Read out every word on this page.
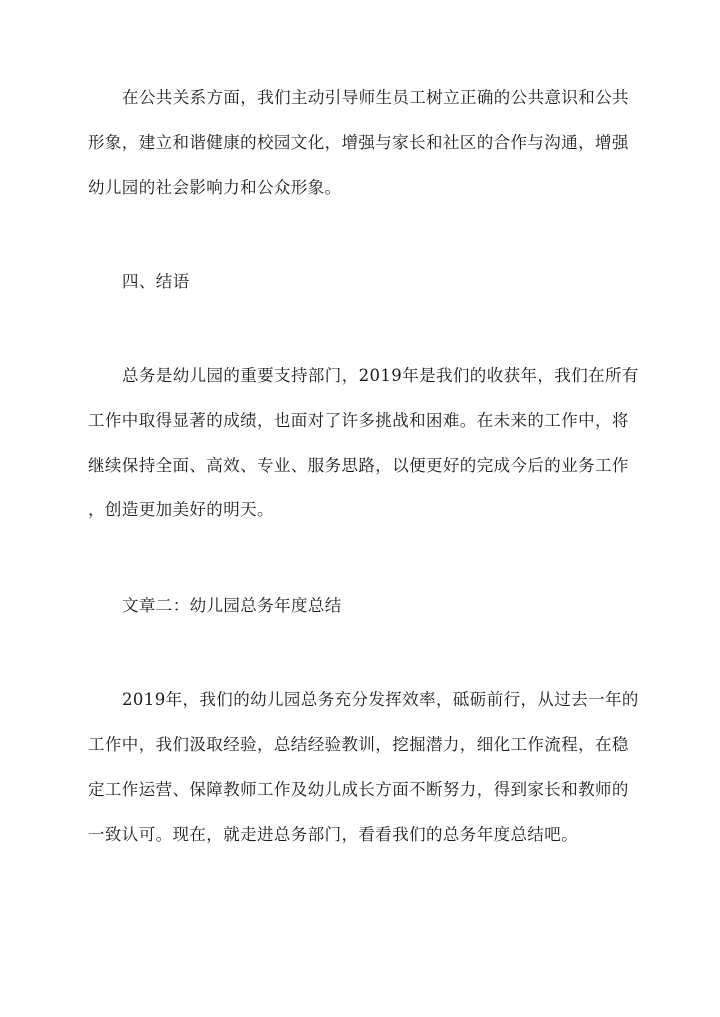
在公共关系方面，我们主动引导师生员工树立正确的公共意识和公共
形象，建立和谐健康的校园文化，增强与家长和社区的合作与沟通，增强
幼儿园的社会影响力和公众形象。
四、结语
总务是幼儿园的重要支持部门，2019年是我们的收获年，我们在所有
工作中取得显著的成绩，也面对了许多挑战和困难。在未来的工作中，将
继续保持全面、高效、专业、服务思路，以便更好的完成今后的业务工作
，创造更加美好的明天。
文章二：幼儿园总务年度总结
2019年，我们的幼儿园总务充分发挥效率，砥砺前行，从过去一年的
工作中，我们汲取经验，总结经验教训，挖掘潜力，细化工作流程，在稳
定工作运营、保障教师工作及幼儿成长方面不断努力，得到家长和教师的
一致认可。现在，就走进总务部门，看看我们的总务年度总结吧。
